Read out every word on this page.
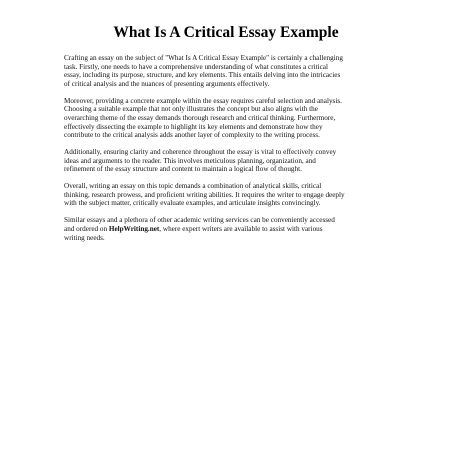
What Is A Critical Essay Example
Crafting an essay on the subject of "What Is A Critical Essay Example" is certainly a challenging
task. Firstly, one needs to have a comprehensive understanding of what constitutes a critical
essay, including its purpose, structure, and key elements. This entails delving into the intricacies
of critical analysis and the nuances of presenting arguments effectively.
Moreover, providing a concrete example within the essay requires careful selection and analysis.
Choosing a suitable example that not only illustrates the concept but also aligns with the
overarching theme of the essay demands thorough research and critical thinking. Furthermore,
effectively dissecting the example to highlight its key elements and demonstrate how they
contribute to the critical analysis adds another layer of complexity to the writing process.
Additionally, ensuring clarity and coherence throughout the essay is vital to effectively convey
ideas and arguments to the reader. This involves meticulous planning, organization, and
refinement of the essay structure and content to maintain a logical flow of thought.
Overall, writing an essay on this topic demands a combination of analytical skills, critical
thinking, research prowess, and proficient writing abilities. It requires the writer to engage deeply
with the subject matter, critically evaluate examples, and articulate insights convincingly.
Similar essays and a plethora of other academic writing services can be conveniently accessed
and ordered on HelpWriting.net, where expert writers are available to assist with various
writing needs.
